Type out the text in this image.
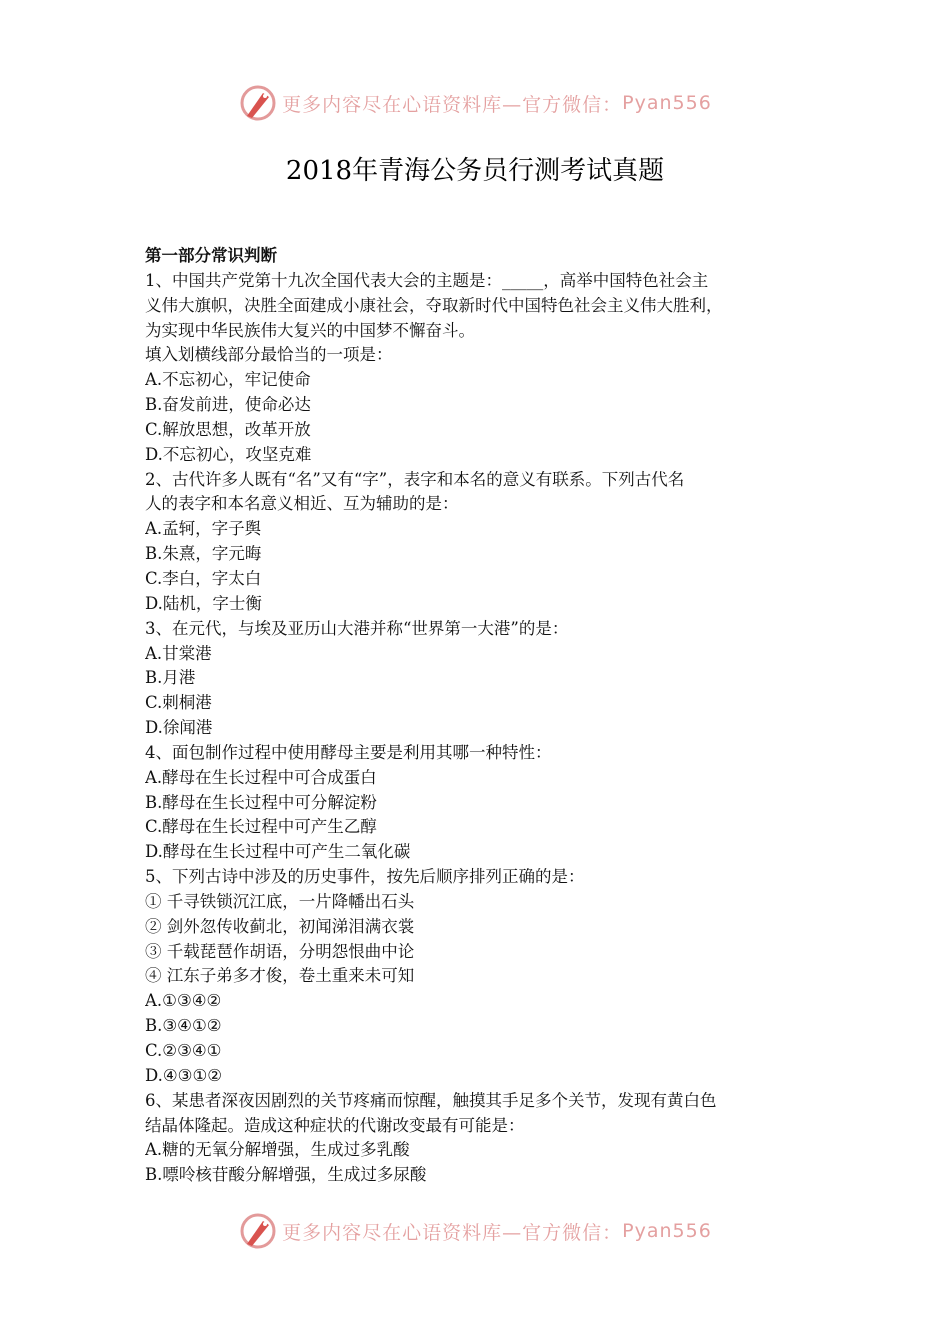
更多内容尽在心语资料库—官方微信： Pyan556
2018年青海公务员行测考试真题
第一部分常识判断
1、中国共产党第十九次全国代表大会的主题是：_____，高举中国特色社会主
义伟大旗帜，决胜全面建成小康社会，夺取新时代中国特色社会主义伟大胜利，
为实现中华民族伟大复兴的中国梦不懈奋斗。
填入划横线部分最恰当的一项是：
A.不忘初心，牢记使命
B.奋发前进，使命必达
C.解放思想，改革开放
D.不忘初心，攻坚克难
2、古代许多人既有“名”又有“字”，表字和本名的意义有联系。下列古代名
人的表字和本名意义相近、互为辅助的是：
A.孟轲，字子舆
B.朱熹，字元晦
C.李白，字太白
D.陆机，字士衡
3、在元代，与埃及亚历山大港并称“世界第一大港”的是：
A.甘棠港
B.月港
C.刺桐港
D.徐闻港
4、面包制作过程中使用酵母主要是利用其哪一种特性：
A.酵母在生长过程中可合成蛋白
B.酵母在生长过程中可分解淀粉
C.酵母在生长过程中可产生乙醇
D.酵母在生长过程中可产生二氧化碳
5、下列古诗中涉及的历史事件，按先后顺序排列正确的是：
① 千寻铁锁沉江底，一片降幡出石头
② 剑外忽传收蓟北，初闻涕泪满衣裳
③ 千载琵琶作胡语，分明怨恨曲中论
④ 江东子弟多才俊，卷土重来未可知
A.①③④②
B.③④①②
C.②③④①
D.④③①②
6、某患者深夜因剧烈的关节疼痛而惊醒，触摸其手足多个关节，发现有黄白色
结晶体隆起。造成这种症状的代谢改变最有可能是：
A.糖的无氧分解增强，生成过多乳酸
B.嘌呤核苷酸分解增强，生成过多尿酸
更多内容尽在心语资料库—官方微信： Pyan556
